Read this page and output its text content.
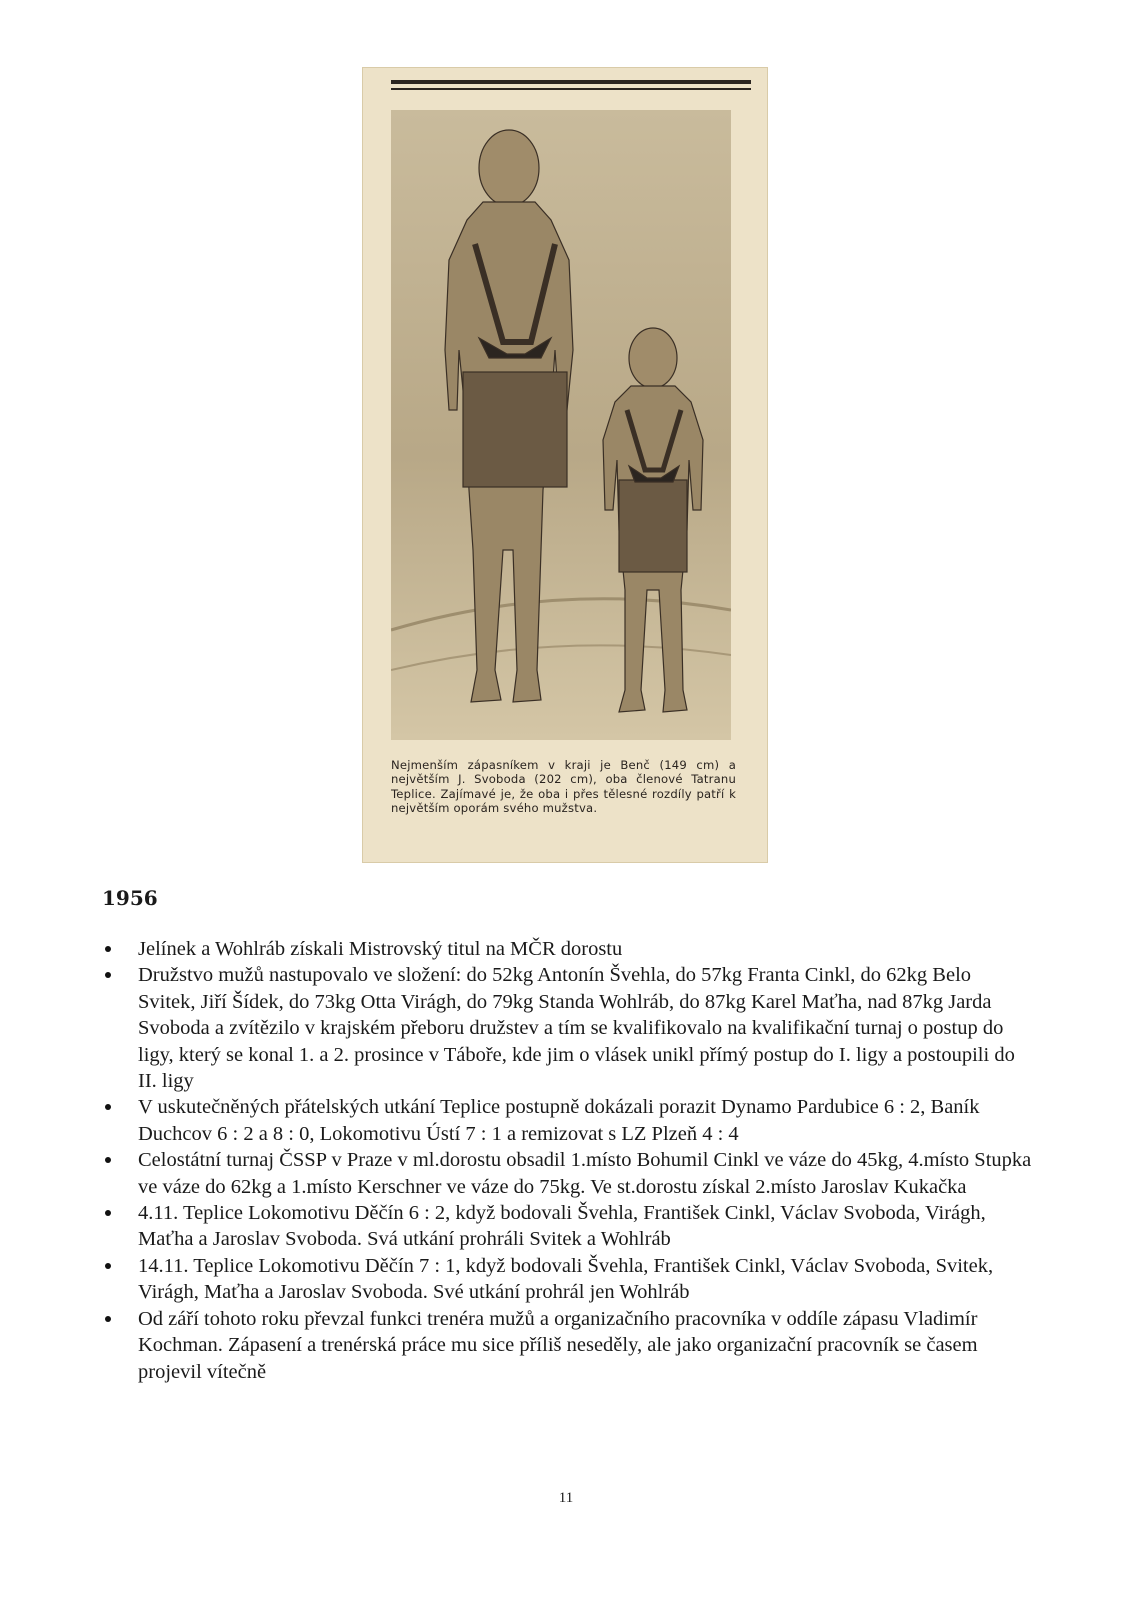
Nejmenším zápasníkem v kraji je Benč (149 cm) a největším J. Svoboda (202 cm), oba členové Tatranu Teplice. Zajímavé je, že oba i přes tělesné rozdíly patří k největším oporám svého mužstva.

1956
Jelínek a Wohlráb získali Mistrovský titul na MČR dorostu
Družstvo mužů nastupovalo ve složení: do 52kg Antonín Švehla, do 57kg Franta Cinkl, do 62kg Belo Svitek, Jiří Šídek, do 73kg Otta Virágh, do 79kg Standa Wohlráb, do 87kg Karel Maťha, nad 87kg Jarda Svoboda a zvítězilo v krajském přeboru družstev a tím se kvalifikovalo na kvalifikační turnaj o postup do ligy, který se konal 1. a 2. prosince v Táboře, kde jim o vlásek unikl přímý postup do I. ligy a postoupili do II. ligy
V uskutečněných přátelských utkání Teplice postupně dokázali porazit Dynamo Pardubice 6 : 2, Baník Duchcov 6 : 2 a 8 : 0, Lokomotivu Ústí 7 : 1 a remizovat s LZ Plzeň 4 : 4
Celostátní turnaj ČSSP v Praze v ml.dorostu obsadil 1.místo Bohumil Cinkl ve váze do 45kg, 4.místo Stupka ve váze do 62kg a 1.místo Kerschner ve váze do 75kg. Ve st.dorostu získal 2.místo Jaroslav Kukačka
4.11. Teplice Lokomotivu Děčín 6 : 2, když bodovali Švehla, František Cinkl, Václav Svoboda, Virágh, Maťha a Jaroslav Svoboda. Svá utkání prohráli Svitek a Wohlráb
14.11. Teplice Lokomotivu Děčín 7 : 1, když bodovali Švehla, František Cinkl, Václav Svoboda, Svitek, Virágh, Maťha a Jaroslav Svoboda. Své utkání prohrál jen Wohlráb
Od září tohoto roku převzal funkci trenéra mužů a organizačního pracovníka v oddíle zápasu Vladimír Kochman. Zápasení a trenérská práce mu sice příliš neseděly, ale jako organizační pracovník se časem projevil vítečně
11
